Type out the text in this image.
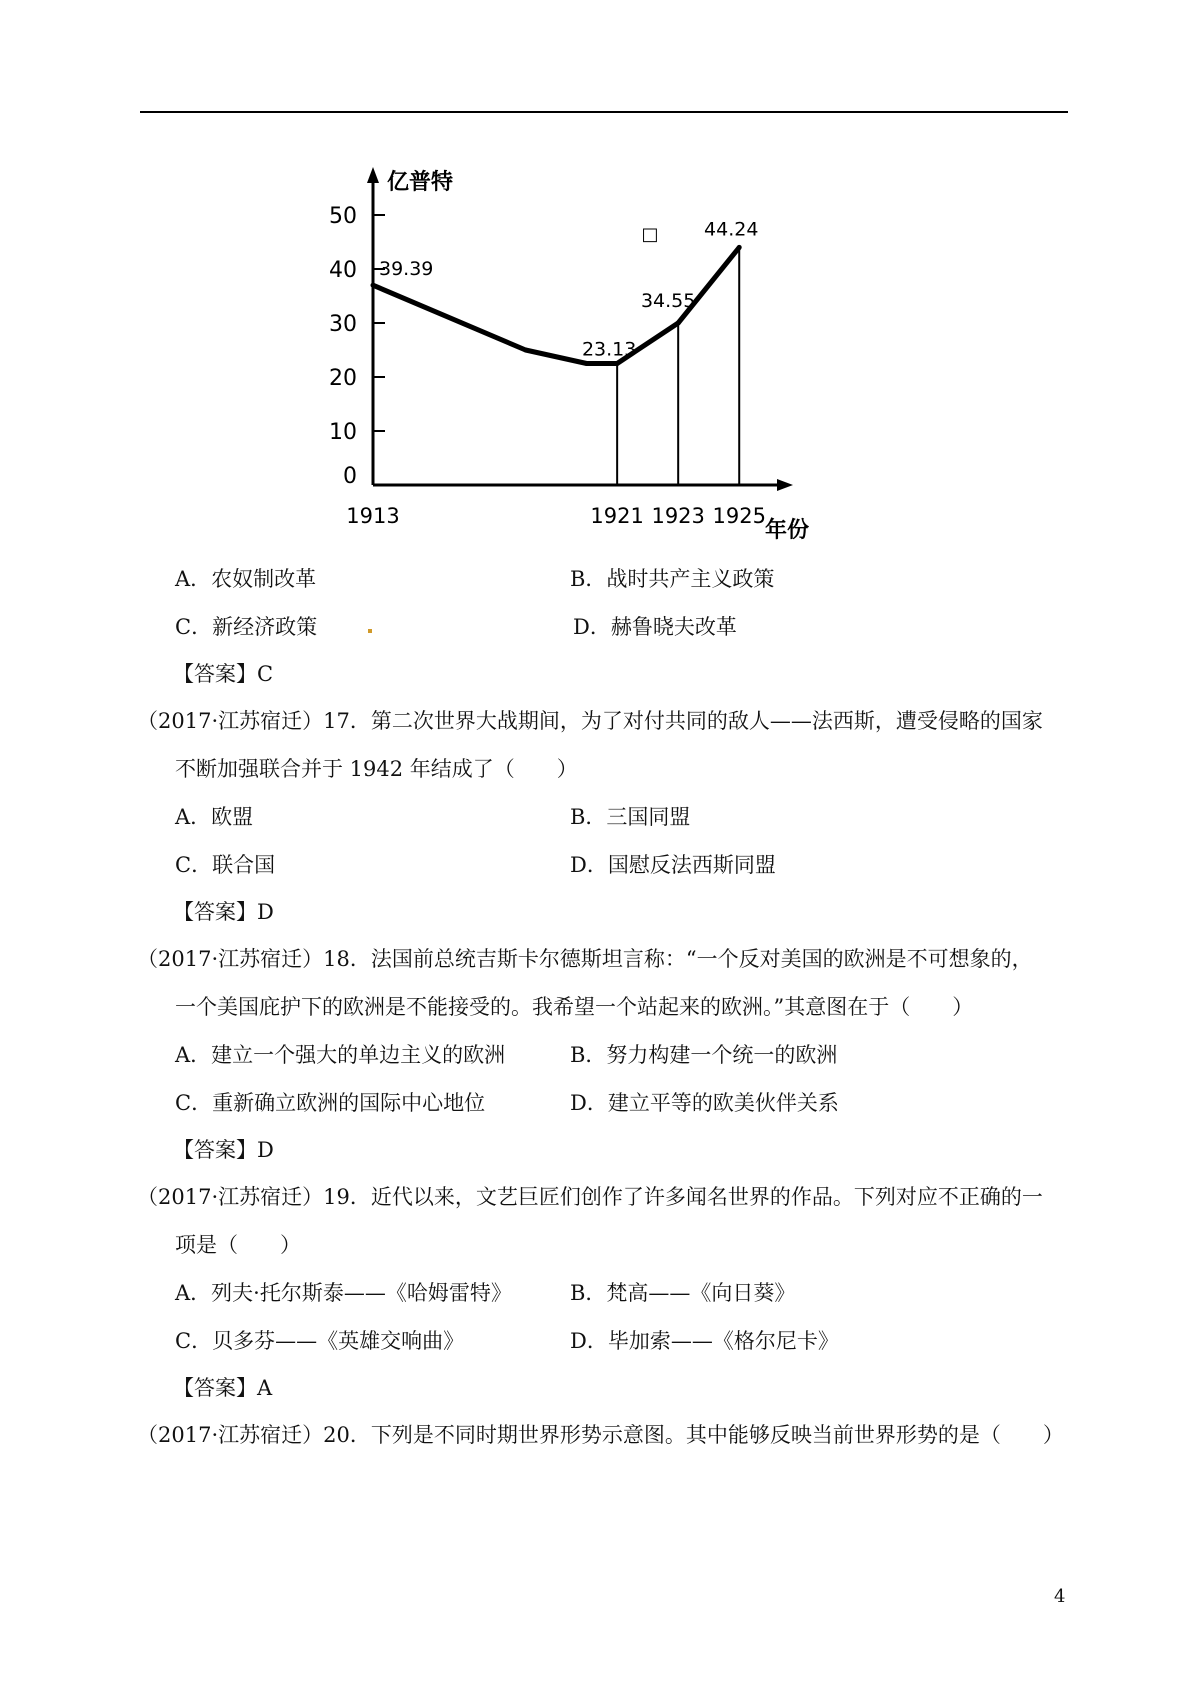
亿普特
年份
0
10
20
30
40
50
1913	1921 1923 1925
39.39
23.13
34.55
44.24
□
A．农奴制改革	B．战时共产主义政策
C．新经济政策	D．赫鲁晓夫改革
【答案】C
（2017·江苏宿迁）17．第二次世界大战期间，为了对付共同的敌人——法西斯，遭受侵略的国家
不断加强联合并于 1942 年结成了（　　）
A．欧盟	B．三国同盟
C．联合国	D．国慰反法西斯同盟
【答案】D
（2017·江苏宿迁）18．法国前总统吉斯卡尔德斯坦言称：“一个反对美国的欧洲是不可想象的，
一个美国庇护下的欧洲是不能接受的。我希望一个站起来的欧洲。”其意图在于（　　）
A．建立一个强大的单边主义的欧洲	B．努力构建一个统一的欧洲
C．重新确立欧洲的国际中心地位	D．建立平等的欧美伙伴关系
【答案】D
（2017·江苏宿迁）19．近代以来，文艺巨匠们创作了许多闻名世界的作品。下列对应不正确的一
项是（　　）
A．列夫·托尔斯泰——《哈姆雷特》	B．梵高——《向日葵》
C．贝多芬——《英雄交响曲》	D．毕加索——《格尔尼卡》
【答案】A
（2017·江苏宿迁）20．下列是不同时期世界形势示意图。其中能够反映当前世界形势的是（　　）
4
